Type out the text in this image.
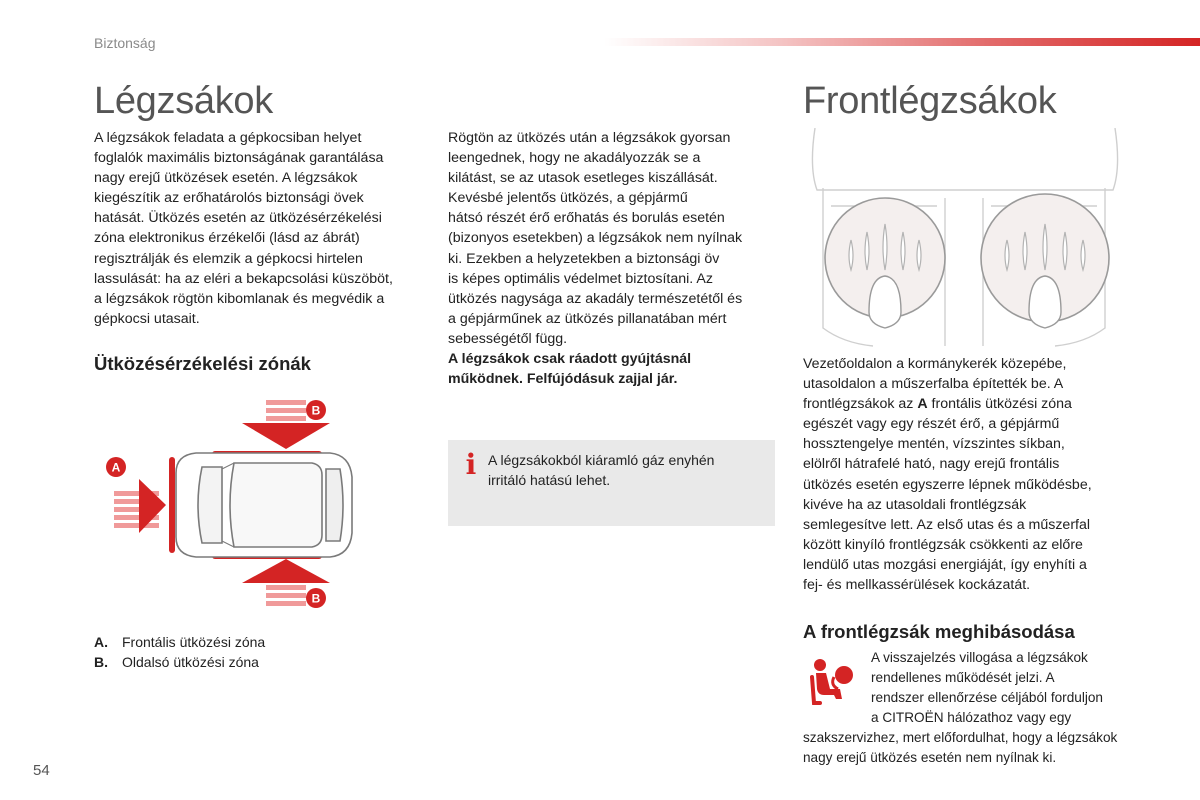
Biztonság
Légzsákok

A légzsákok feladata a gépkocsiban helyet

foglalók maximális biztonságának garantálása

nagy erejű ütközések esetén. A légzsákok

kiegészítik az erőhatárolós biztonsági övek

hatását. Ütközés esetén az ütközésérzékelési

zóna elektronikus érzékelői (lásd az ábrát)

regisztrálják és elemzik a gépkocsi hirtelen

lassulását: ha az eléri a bekapcsolási küszöböt,

a légzsákok rögtön kibomlanak és megvédik a

gépkocsi utasait.

Ütközésérzékelési zónák
A
B
B
A. Frontális ütközési zóna
B. Oldalsó ütközési zóna

Rögtön az ütközés után a légzsákok gyorsan

leengednek, hogy ne akadályozzák se a

kilátást, se az utasok esetleges kiszállását.

Kevésbé jelentős ütközés, a gépjármű

hátsó részét érő erőhatás és borulás esetén

(bizonyos esetekben) a légzsákok nem nyílnak

ki. Ezekben a helyzetekben a biztonsági öv

is képes optimális védelmet biztosítani. Az

ütközés nagysága az akadály természetétől és

a gépjárműnek az ütközés pillanatában mért

sebességétől függ.

A légzsákok csak ráadott gyújtásnál

működnek. Felfújódásuk zajjal jár.

i A légzsákokból kiáramló gáz enyhén
irritáló hatású lehet.
Frontlégzsákok

Vezetőoldalon a kormánykerék közepébe,

utasoldalon a műszerfalba építették be. A

frontlégzsákok az A frontális ütközési zóna

egészét vagy egy részét érő, a gépjármű

hossztengelye mentén, vízszintes síkban,

elölről hátrafelé ható, nagy erejű frontális

ütközés esetén egyszerre lépnek működésbe,

kivéve ha az utasoldali frontlégzsák

semlegesítve lett. Az első utas és a műszerfal

között kinyíló frontlégzsák csökkenti az előre

lendülő utas mozgási energiáját, így enyhíti a

fej- és mellkassérülések kockázatát.

A frontlégzsák meghibásodása

A visszajelzés villogása a légzsákok

rendellenes működését jelzi. A

rendszer ellenőrzése céljából forduljon

a CITROËN hálózathoz vagy egy

szakszervizhez, mert előfordulhat, hogy a légzsákok

nagy erejű ütközés esetén nem nyílnak ki.

54
